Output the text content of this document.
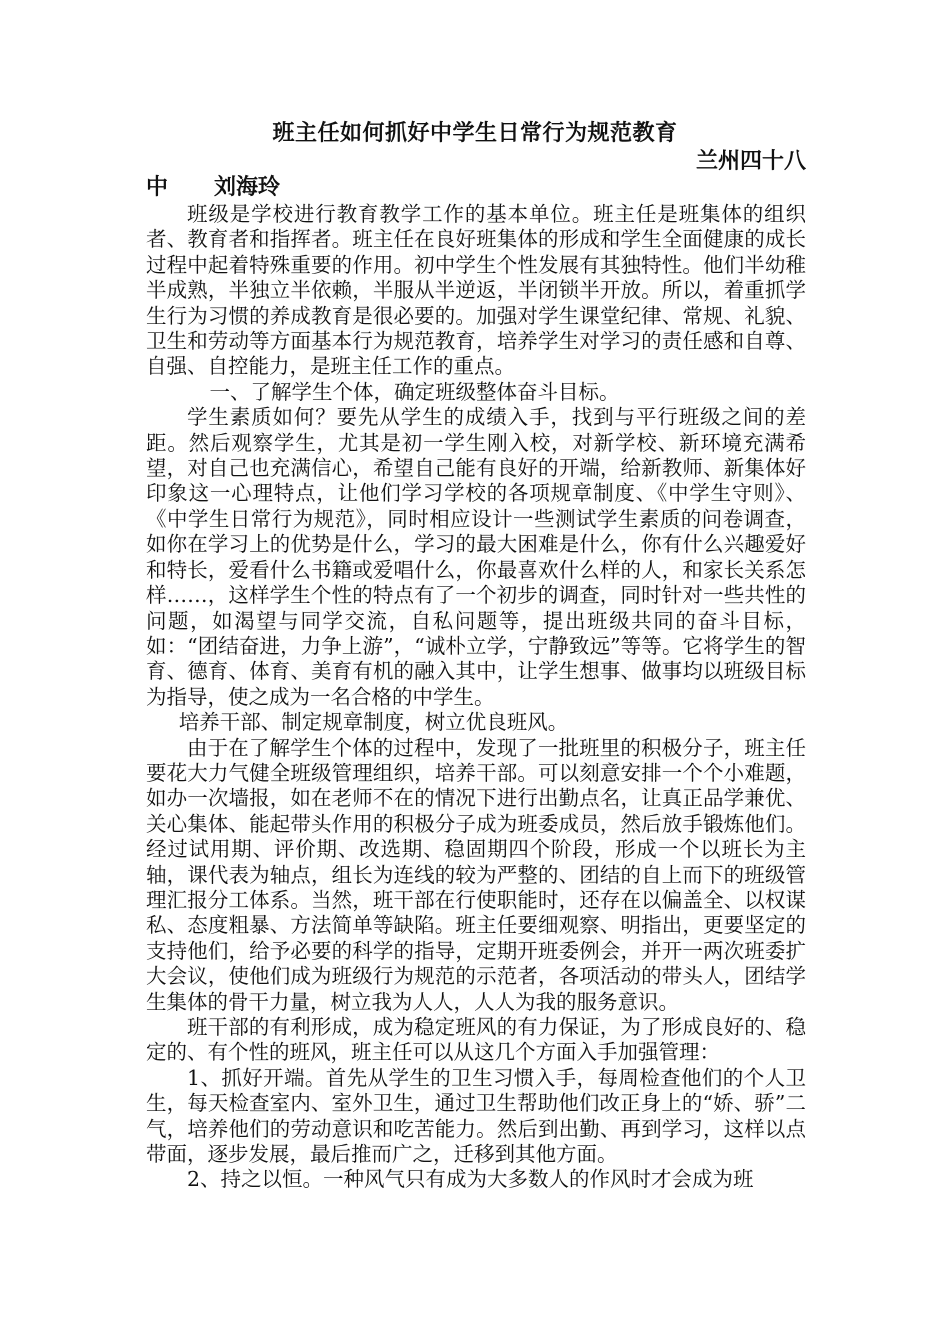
班主任如何抓好中学生日常行为规范教育
兰州四十八
中      刘海玲

班级是学校进行教育教学工作的基本单位。班主任是班集体的组织者、教育者和指挥者。班主任在良好班集体的形成和学生全面健康的成长过程中起着特殊重要的作用。初中学生个性发展有其独特性。他们半幼稚半成熟，半独立半依赖，半服从半逆返，半闭锁半开放。所以，着重抓学生行为习惯的养成教育是很必要的。加强对学生课堂纪律、常规、礼貌、卫生和劳动等方面基本行为规范教育，培养学生对学习的责任感和自尊、自强、自控能力，是班主任工作的重点。

一、了解学生个体，确定班级整体奋斗目标。

学生素质如何？要先从学生的成绩入手，找到与平行班级之间的差距。然后观察学生，尤其是初一学生刚入校，对新学校、新环境充满希望，对自己也充满信心，希望自己能有良好的开端，给新教师、新集体好印象这一心理特点，让他们学习学校的各项规章制度、《中学生守则》、《中学生日常行为规范》，同时相应设计一些测试学生素质的问卷调查，如你在学习上的优势是什么，学习的最大困难是什么，你有什么兴趣爱好和特长，爱看什么书籍或爱唱什么，你最喜欢什么样的人，和家长关系怎样……，这样学生个性的特点有了一个初步的调查，同时针对一些共性的问题，如渴望与同学交流，自私问题等，提出班级共同的奋斗目标，如：“团结奋进，力争上游”，“诚朴立学，宁静致远”等等。它将学生的智育、德育、体育、美育有机的融入其中，让学生想事、做事均以班级目标为指导，使之成为一名合格的中学生。

培养干部、制定规章制度，树立优良班风。

由于在了解学生个体的过程中，发现了一批班里的积极分子，班主任要花大力气健全班级管理组织，培养干部。可以刻意安排一个个小难题，如办一次墙报，如在老师不在的情况下进行出勤点名，让真正品学兼优、关心集体、能起带头作用的积极分子成为班委成员，然后放手锻炼他们。经过试用期、评价期、改选期、稳固期四个阶段，形成一个以班长为主轴，课代表为轴点，组长为连线的较为严整的、团结的自上而下的班级管理汇报分工体系。当然，班干部在行使职能时，还存在以偏盖全、以权谋私、态度粗暴、方法简单等缺陷。班主任要细观察、明指出，更要坚定的支持他们，给予必要的科学的指导，定期开班委例会，并开一两次班委扩大会议，使他们成为班级行为规范的示范者，各项活动的带头人，团结学生集体的骨干力量，树立我为人人，人人为我的服务意识。

班干部的有利形成，成为稳定班风的有力保证，为了形成良好的、稳定的、有个性的班风，班主任可以从这几个方面入手加强管理：

1、抓好开端。首先从学生的卫生习惯入手，每周检查他们的个人卫生，每天检查室内、室外卫生，通过卫生帮助他们改正身上的“娇、骄”二气，培养他们的劳动意识和吃苦能力。然后到出勤、再到学习，这样以点带面，逐步发展，最后推而广之，迁移到其他方面。

2、持之以恒。一种风气只有成为大多数人的作风时才会成为班
